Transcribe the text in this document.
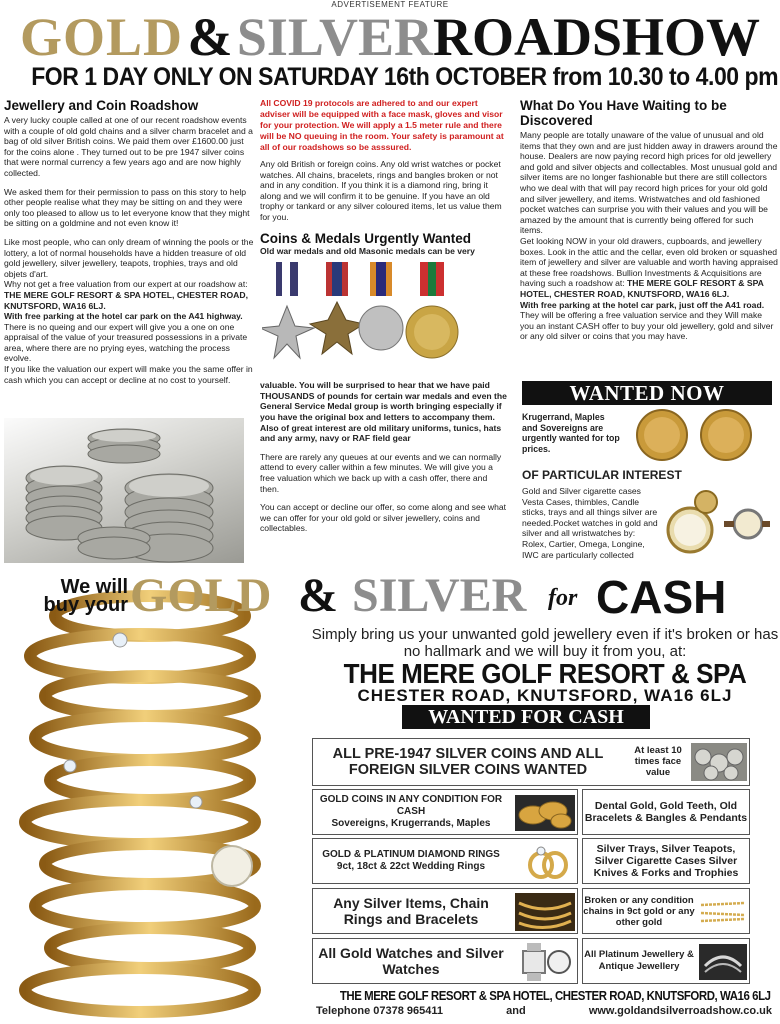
ADVERTISEMENT FEATURE
GOLD & SILVERROADSHOW
FOR 1 DAY ONLY ON SATURDAY 16th OCTOBER from 10.30 to 4.00 pm
Jewellery and Coin Roadshow

A very lucky couple called at one of our recent roadshow events with a couple of old gold chains and a silver charm bracelet and a bag of old silver British coins. We paid them over £1600.00 just for the coins alone . They turned out to be pre 1947 silver coins that were normal currency a few years ago and are now highly collected.

We asked them for their permission to pass on this story to help other people realise what they may be sitting on and they were only too pleased to allow us to let everyone know that they might be sitting on a goldmine and not even know it!

Like most people, who can only dream of winning the pools or the lottery, a lot of normal households have a hidden treasure of old gold jewellery, silver jewellery, teapots, trophies, trays and old objets d'art.
Why not get a free valuation from our expert at our roadshow at: THE MERE GOLF RESORT & SPA HOTEL, CHESTER ROAD, KNUTSFORD, WA16 6LJ.
With free parking at the hotel car park on the A41 highway.
There is no queing and our expert will give you a one on one appraisal of the value of your treasured possessions in a private area, where there are no prying eyes, watching the process evolve.
If you like the valuation our expert will make you the same offer in cash which you can accept or decline at no cost to yourself.

All COVID 19 protocols are adhered to and our expert adviser will be equipped with a face mask, gloves and visor for your protection. We will apply a 1.5 meter rule and there will be NO queuing in the room. Your safety is paramount at all of our roadshows so be asssured.

Any old British or foreign coins. Any old wrist watches or pocket watches. All chains, bracelets, rings and bangles broken or not and in any condition. If you think it is a diamond ring, bring it along and we will confirm it to be genuine. If you have an old trophy or tankard or any silver coloured items, let us value them for you.

Coins & Medals Urgently Wanted
Old war medals and old Masonic medals can be very

valuable. You will be surprised to hear that we have paid THOUSANDS of pounds for certain war medals and even the General Service Medal group is worth bringing especially if you have the original box and letters to accompany them. Also of great interest are old military uniforms, tunics, hats and any army, navy or RAF field gear

There are rarely any queues at our events and we can normally attend to every caller within a few minutes. We will give you a free valuation which we back up with a cash offer, there and then.

You can accept or decline our offer, so come along and see what we can offer for your old gold or silver jewellery, coins and collectables.

What Do You Have Waiting to be Discovered

Many people are totally unaware of the value of unusual and old items that they own and are just hidden away in drawers around the house. Dealers are now paying record high prices for old jewellery and gold and silver objects and collectables. Most unusual gold and silver items are no longer fashionable but there are still collectors who we deal with that will pay record high prices for your old gold and silver jewellery, and items. Wristwatches and old fashioned pocket watches can surprise you with their values and you will be amazed by the amount that is currently being offered for such items.

Get looking NOW in your old drawers, cupboards, and jewellery boxes. Look in the attic and the cellar, even old broken or squashed item of jewellery and silver are valuable and worth having appraised at these free roadshows. Bullion Investments & Acquisitions are having such a roadshow at: THE MERE GOLF RESORT & SPA HOTEL, CHESTER ROAD, KNUTSFORD, WA16 6LJ.
With free parking at the hotel car park, just off the A41 road.
They will be offering a free valuation service and they Will make you an instant CASH offer to buy your old jewellery, gold and silver or any old silver or coins that you may have.

WANTED NOW
Krugerrand, Maples and Sovereigns are urgently wanted for top prices.
OF PARTICULAR INTEREST
Gold and Silver cigarette cases Vesta Cases, thimbles, Candle sticks, trays and all things silver are needed.Pocket watches in gold and silver and all wristwatches by: Rolex, Cartier, Omega, Longine, IWC are particularly collected
We will
buy your GOLD & SILVER for CASH
Simply bring us your unwanted gold jewellery even if it's broken or has no hallmark and we will buy it from you, at:
THE MERE GOLF RESORT & SPA
CHESTER ROAD, KNUTSFORD, WA16 6LJ
WANTED FOR CASH
ALL PRE-1947 SILVER COINS AND ALL FOREIGN SILVER COINS WANTED
At least 10 times face value
GOLD COINS IN ANY CONDITION FOR CASH
Sovereigns, Krugerrands, Maples
Dental Gold, Gold Teeth, Old Bracelets & Bangles & Pendants
GOLD & PLATINUM DIAMOND RINGS
9ct, 18ct & 22ct Wedding Rings
Silver Trays, Silver Teapots, Silver Cigarette Cases Silver Knives & Forks and Trophies
Any Silver Items, Chain Rings and Bracelets
Broken or any condition chains in 9ct gold or any other gold
All Gold Watches and Silver Watches
All Platinum Jewellery & Antique Jewellery
THE MERE GOLF RESORT & SPA HOTEL, CHESTER ROAD, KNUTSFORD, WA16 6LJ
Telephone 07378 965411	and	www.goldandsilverroadshow.co.uk
